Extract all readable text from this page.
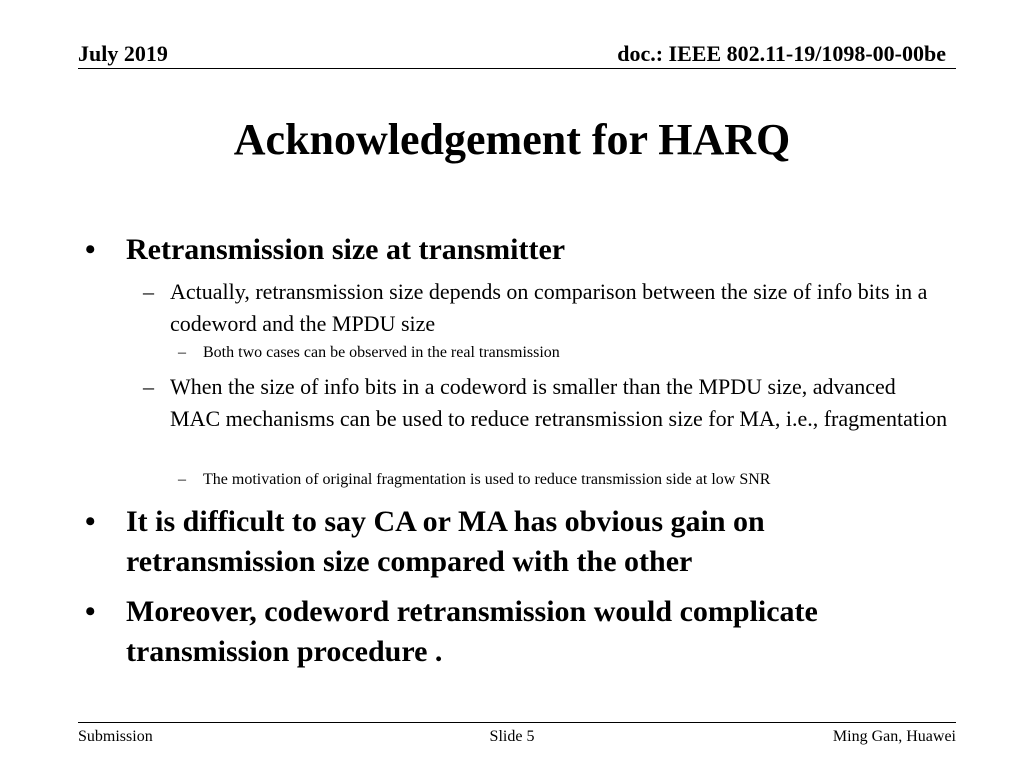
July 2019	doc.: IEEE 802.11-19/1098-00-00be
Acknowledgement for HARQ
•	Retransmission size at transmitter
– Actually, retransmission size depends on comparison between the size of info bits in a codeword and the MPDU size
–	Both two cases can be observed in the real transmission
– When the size of info bits in a codeword is smaller than the MPDU size, advanced MAC mechanisms can be used to reduce retransmission size for MA, i.e., fragmentation
–	The motivation of original fragmentation is used to reduce transmission side at low SNR
•	It is difficult to say CA or MA has obvious gain on retransmission size compared with the other
•	Moreover, codeword retransmission would complicate transmission procedure .
Submission	Slide 5	Ming Gan, Huawei
